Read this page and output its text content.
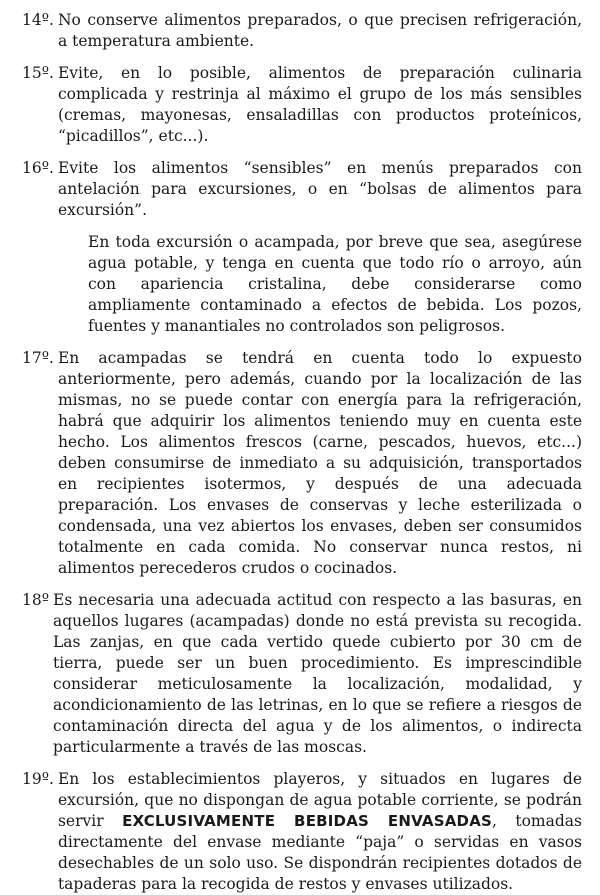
14º. No conserve alimentos preparados, o que precisen refrigeración, a temperatura ambiente.

15º. Evite, en lo posible, alimentos de preparación culinaria complicada y restrinja al máximo el grupo de los más sensibles (cremas, mayonesas, ensaladillas con productos proteínicos, “picadillos”, etc...).

16º. Evite los alimentos “sensibles” en menús preparados con antelación para excursiones, o en “bolsas de alimentos para excursión”.

En toda excursión o acampada, por breve que sea, asegúrese agua potable, y tenga en cuenta que todo río o arroyo, aún con apariencia cristalina, debe considerarse como ampliamente contaminado a efectos de bebida. Los pozos, fuentes y manantiales no controlados son peligrosos.

17º. En acampadas se tendrá en cuenta todo lo expuesto anteriormente, pero además, cuando por la localización de las mismas, no se puede contar con energía para la refrigeración, habrá que adquirir los alimentos teniendo muy en cuenta este hecho. Los alimentos frescos (carne, pescados, huevos, etc...) deben consumirse de inmediato a su adquisición, transportados en recipientes isotermos, y después de una adecuada preparación. Los envases de conservas y leche esterilizada o condensada, una vez abiertos los envases, deben ser consumidos totalmente en cada comida. No conservar nunca restos, ni alimentos perecederos crudos o cocinados.

18º Es necesaria una adecuada actitud con respecto a las basuras, en aquellos lugares (acampadas) donde no está prevista su recogida. Las zanjas, en que cada vertido quede cubierto por 30 cm de tierra, puede ser un buen procedimiento. Es imprescindible considerar meticulosamente la localización, modalidad, y acondicionamiento de las letrinas, en lo que se refiere a riesgos de contaminación directa del agua y de los alimentos, o indirecta particularmente a través de las moscas.

19º. En los establecimientos playeros, y situados en lugares de excursión, que no dispongan de agua potable corriente, se podrán servir EXCLUSIVAMENTE BEBIDAS ENVASADAS, tomadas directamente del envase mediante “paja” o servidas en vasos desechables de un solo uso. Se dispondrán recipientes dotados de tapaderas para la recogida de restos y envases utilizados.
